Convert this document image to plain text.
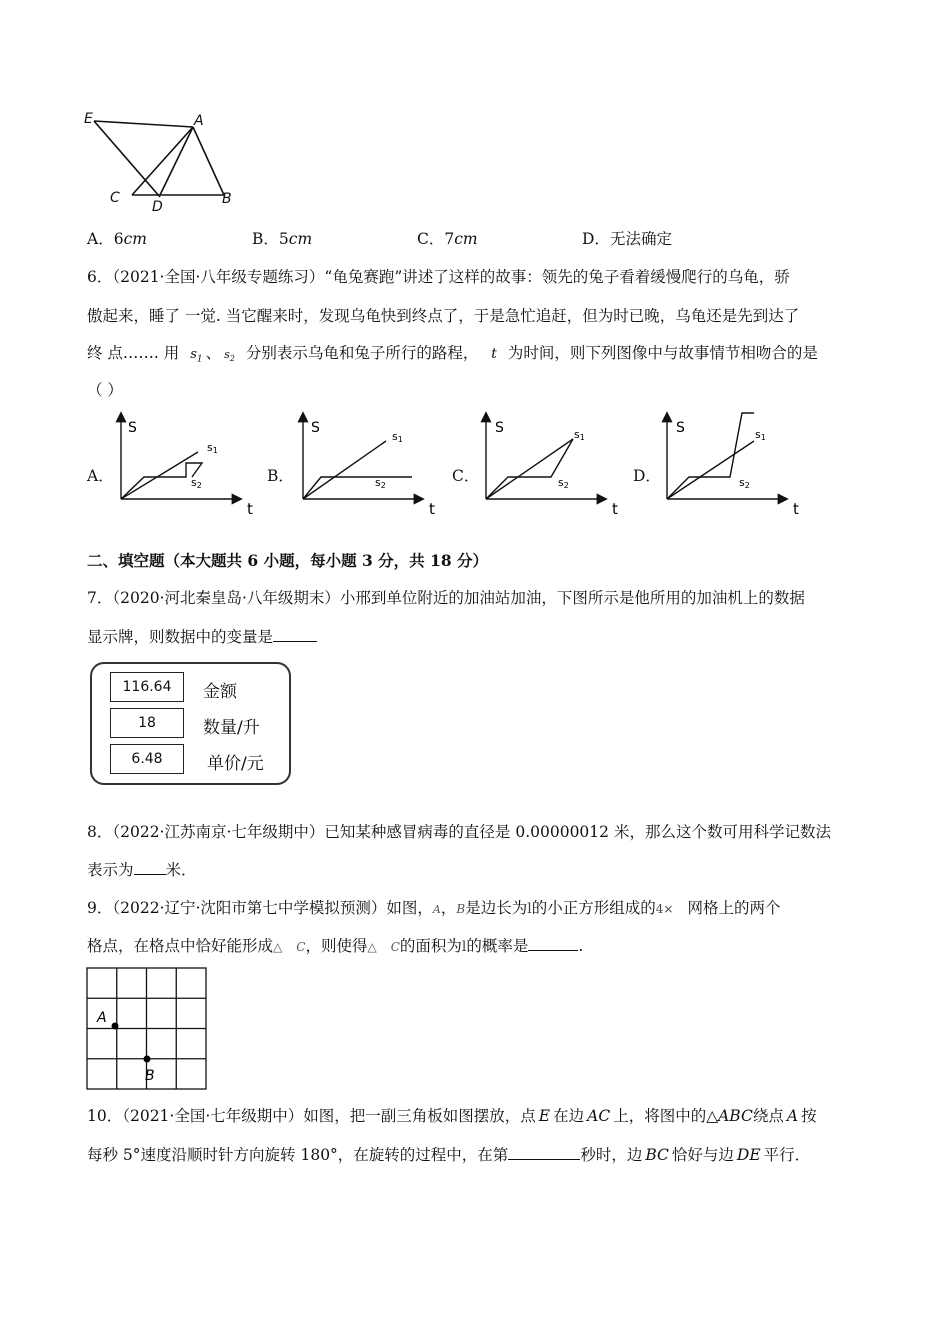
E	A
C
D	B
A．6cm	B．5cm	C．7cm	D．无法确定
6．（2021·全国·八年级专题练习）“龟兔赛跑”讲述了这样的故事：领先的兔子看着缓慢爬行的乌龟，骄
傲起来，睡了 一觉. 当它醒来时，发现乌龟快到终点了，于是急忙追赶，但为时已晚，乌龟还是先到达了
终 点……. 用 $s_1$ 、 $s_2$ 分别表示乌龟和兔子所行的路程， t 为时间，则下列图像中与故事情节相吻合的是
（ ）
A．	B．	C．	D．
S
t
s1
s2
S
t
s1
s2
S
t
s1
s2
S
t
s1
s2
二、填空题（本大题共 6 小题，每小题 3 分，共 18 分）
7．（2020·河北秦皇岛·八年级期末）小邢到单位附近的加油站加油，下图所示是他所用的加油机上的数据
显示牌，则数据中的变量是
116.64	金额
18	数量/升
6.48	单价/元
8．（2022·江苏南京·七年级期中）已知某种感冒病毒的直径是 0.00000012 米，那么这个数可用科学记数法
表示为 米．
9．（2022·辽宁·沈阳市第七中学模拟预测）如图，A，B是边长为l的小正方形组成的4× 网格上的两个
格点，在格点中恰好能形成△ C，则使得△ C的面积为l的概率是	.
A
B
10．（2021·全国·七年级期中）如图，把一副三角板如图摆放，点 E 在边 AC 上，将图中的△ABC绕点 A 按
每秒 5°速度沿顺时针方向旋转 180°，在旋转的过程中，在第	秒时，边 BC 恰好与边 DE 平行．
